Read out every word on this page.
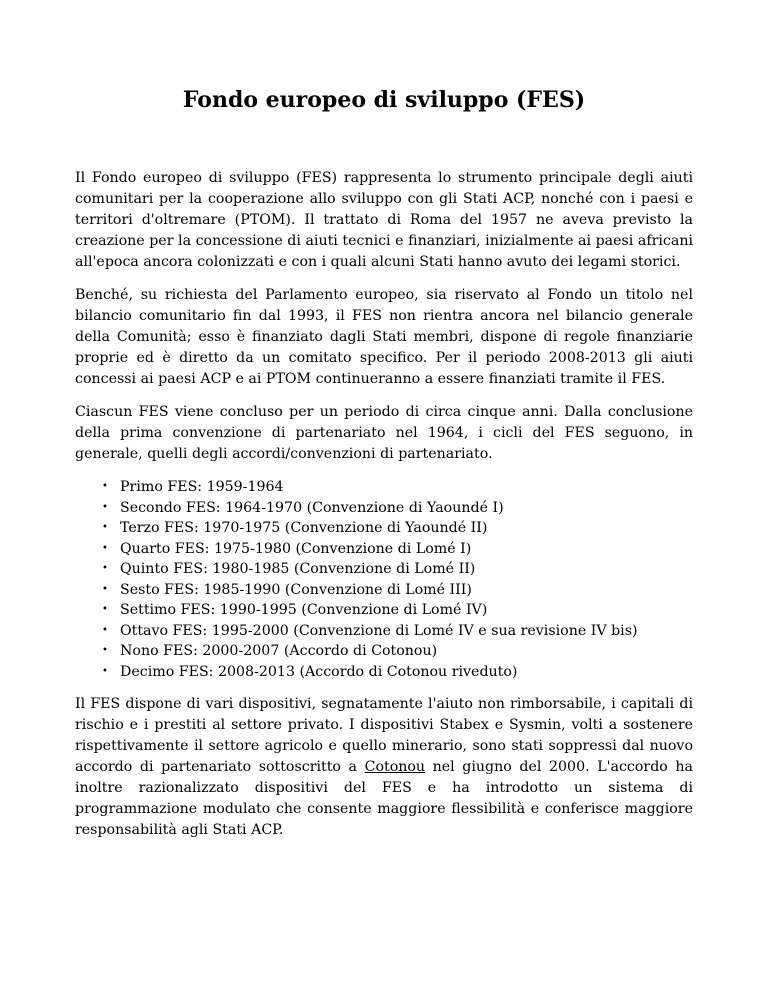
Fondo europeo di sviluppo (FES)

Il Fondo europeo di sviluppo (FES) rappresenta lo strumento principale degli aiuti comunitari per la cooperazione allo sviluppo con gli Stati ACP, nonché con i paesi e territori d'oltremare (PTOM). Il trattato di Roma del 1957 ne aveva previsto la creazione per la concessione di aiuti tecnici e finanziari, inizialmente ai paesi africani all'epoca ancora colonizzati e con i quali alcuni Stati hanno avuto dei legami storici.

Benché, su richiesta del Parlamento europeo, sia riservato al Fondo un titolo nel bilancio comunitario fin dal 1993, il FES non rientra ancora nel bilancio generale della Comunità; esso è finanziato dagli Stati membri, dispone di regole finanziarie proprie ed è diretto da un comitato specifico. Per il periodo 2008-2013 gli aiuti concessi ai paesi ACP e ai PTOM continueranno a essere finanziati tramite il FES.

Ciascun FES viene concluso per un periodo di circa cinque anni. Dalla conclusione della prima convenzione di partenariato nel 1964, i cicli del FES seguono, in generale, quelli degli accordi/convenzioni di partenariato.

• Primo FES: 1959-1964
• Secondo FES: 1964-1970 (Convenzione di Yaoundé I)
• Terzo FES: 1970-1975 (Convenzione di Yaoundé II)
• Quarto FES: 1975-1980 (Convenzione di Lomé I)
• Quinto FES: 1980-1985 (Convenzione di Lomé II)
• Sesto FES: 1985-1990 (Convenzione di Lomé III)
• Settimo FES: 1990-1995 (Convenzione di Lomé IV)
• Ottavo FES: 1995-2000 (Convenzione di Lomé IV e sua revisione IV bis)
• Nono FES: 2000-2007 (Accordo di Cotonou)
• Decimo FES: 2008-2013 (Accordo di Cotonou riveduto)

Il FES dispone di vari dispositivi, segnatamente l'aiuto non rimborsabile, i capitali di rischio e i prestiti al settore privato. I dispositivi Stabex e Sysmin, volti a sostenere rispettivamente il settore agricolo e quello minerario, sono stati soppressi dal nuovo accordo di partenariato sottoscritto a Cotonou nel giugno del 2000. L'accordo ha inoltre razionalizzato dispositivi del FES e ha introdotto un sistema di programmazione modulato che consente maggiore flessibilità e conferisce maggiore responsabilità agli Stati ACP.
